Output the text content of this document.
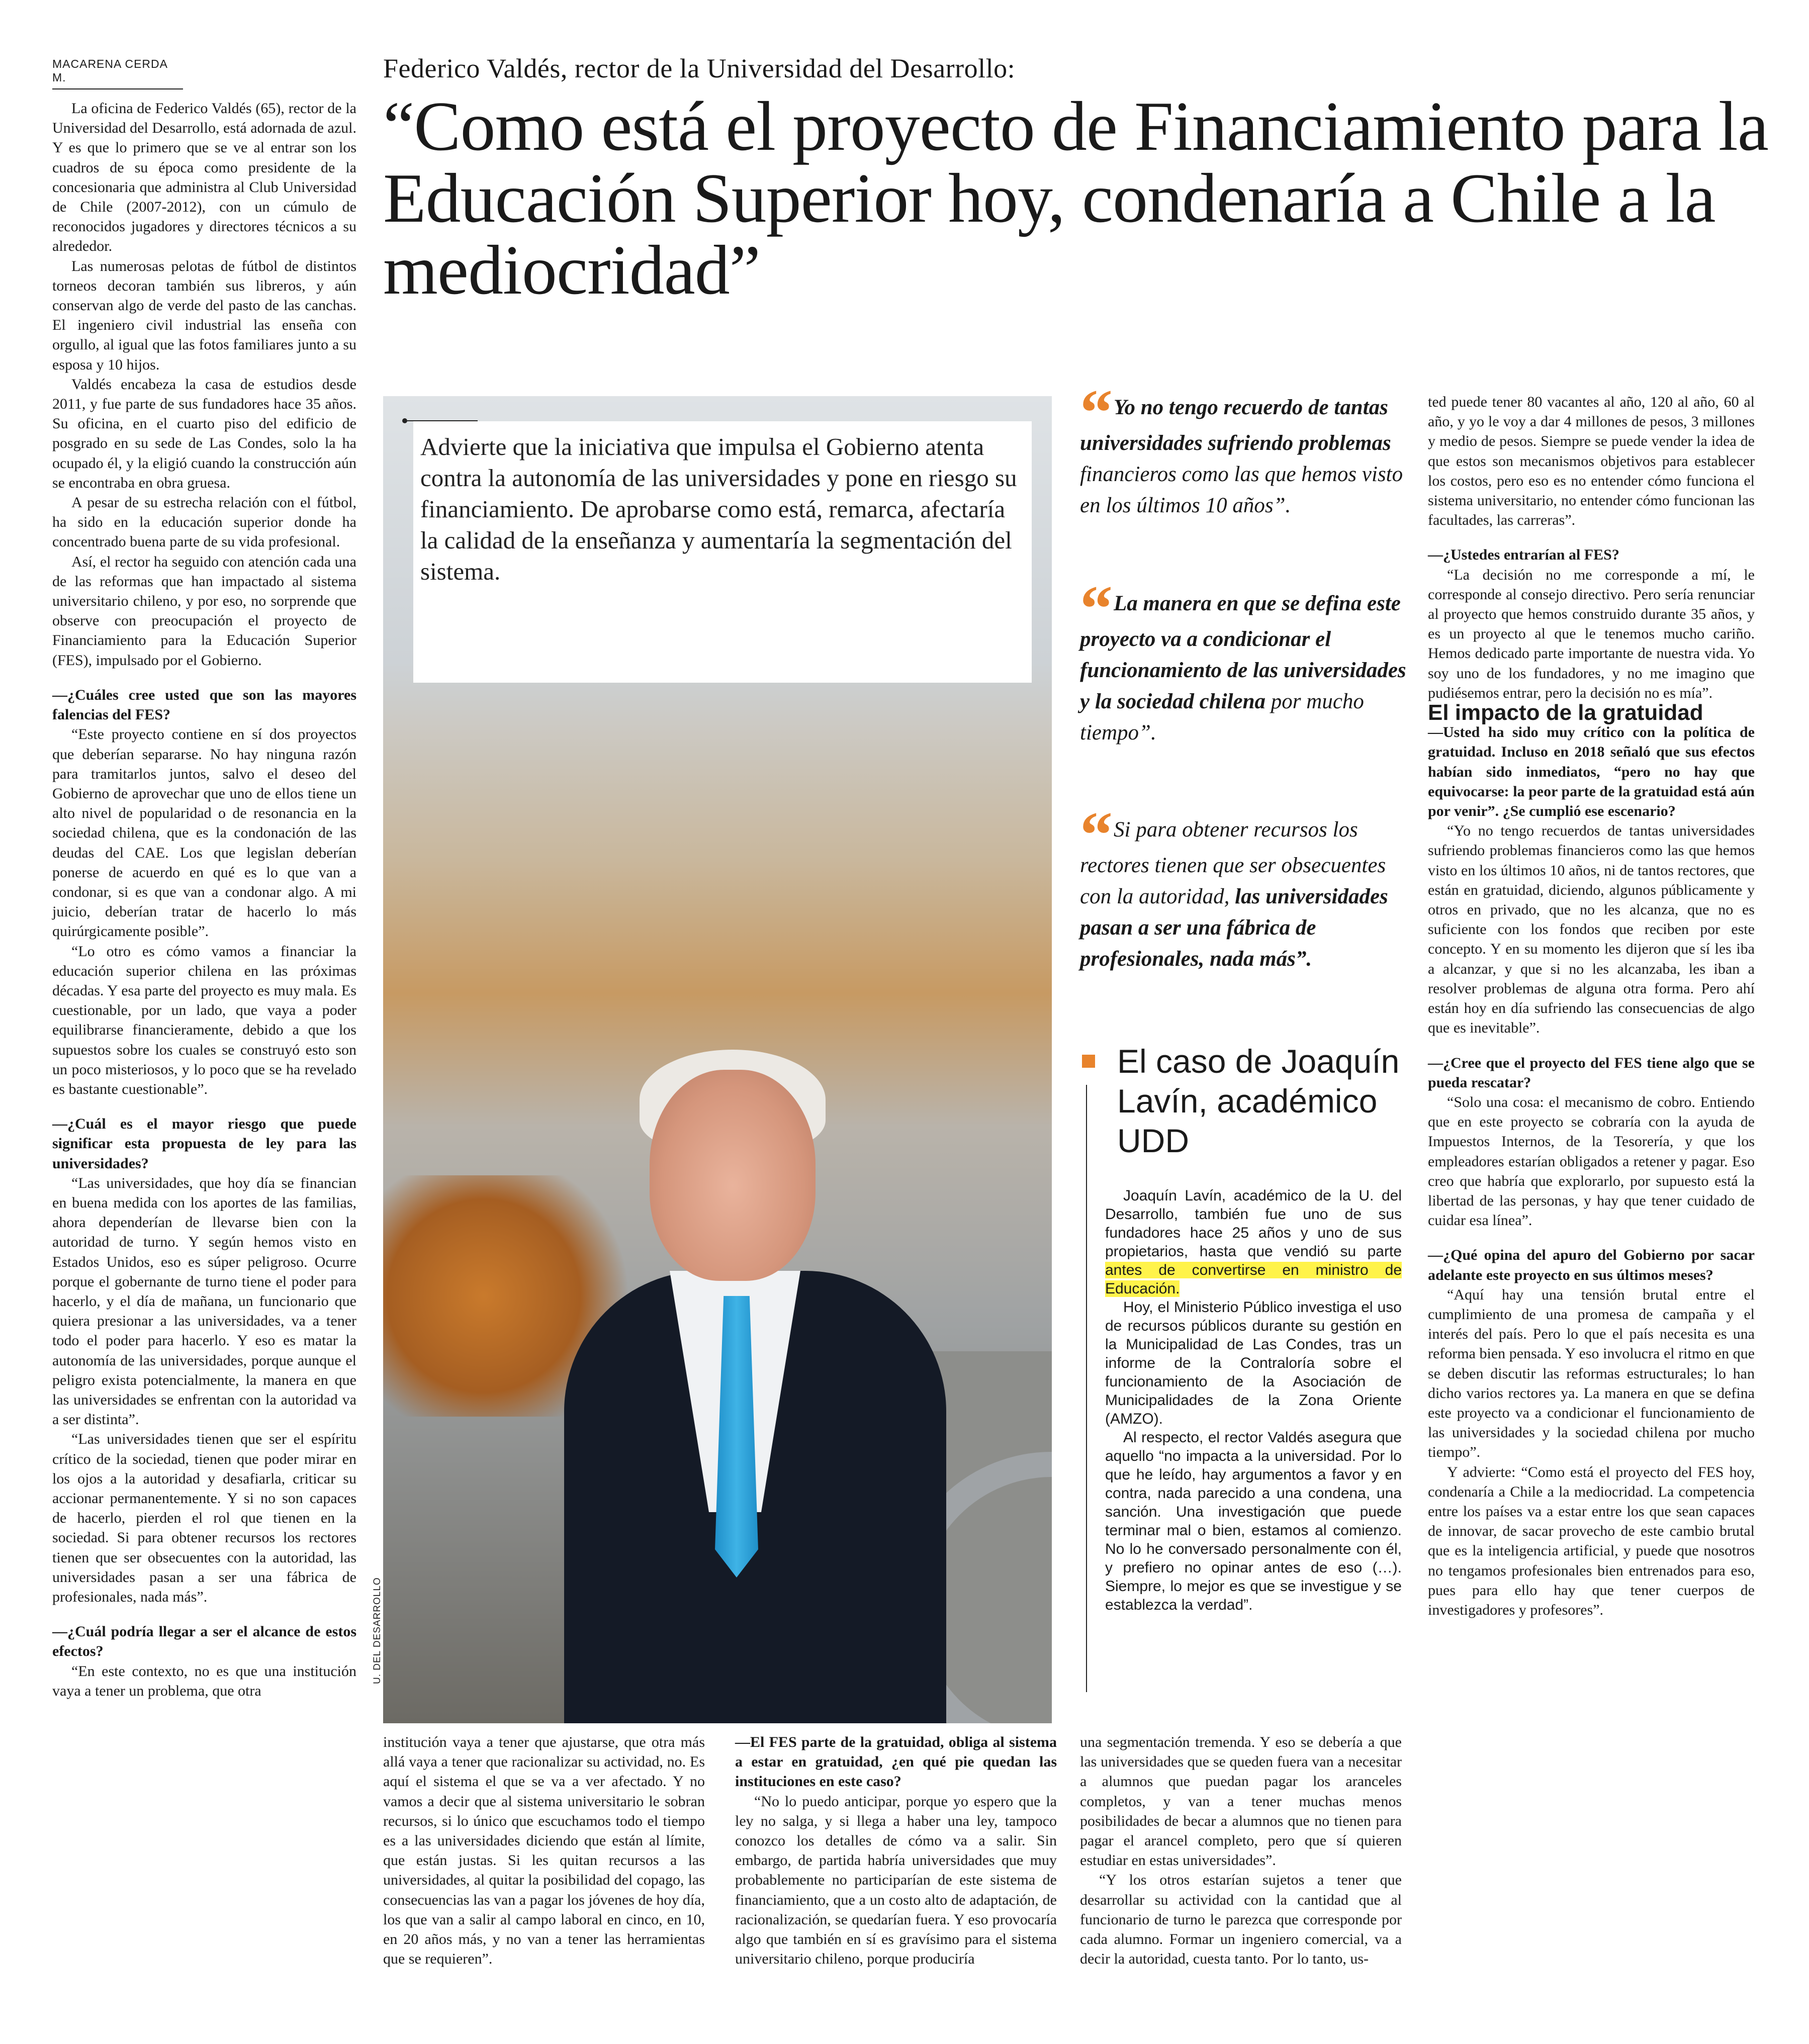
MACARENA CERDA M.	Federico Valdés, rector de la Universidad del Desarrollo:
“Como está el proyecto de Financiamiento para la Educación Superior hoy, condenaría a Chile a la mediocridad”

La oficina de Federico Valdés (65), rector de la Universidad del Desarrollo, está adornada de azul. Y es que lo primero que se ve al entrar son los cuadros de su época como presidente de la concesionaria que administra al Club Universidad de Chile (2007-2012), con un cúmulo de reconocidos jugadores y directores técnicos a su alrededor.

Las numerosas pelotas de fútbol de distintos torneos decoran también sus libreros, y aún conservan algo de verde del pasto de las canchas. El ingeniero civil industrial las enseña con orgullo, al igual que las fotos familiares junto a su esposa y 10 hijos.

Valdés encabeza la casa de estudios desde 2011, y fue parte de sus fundadores hace 35 años. Su oficina, en el cuarto piso del edificio de posgrado en su sede de Las Condes, solo la ha ocupado él, y la eligió cuando la construcción aún se encontraba en obra gruesa.

A pesar de su estrecha relación con el fútbol, ha sido en la educación superior donde ha concentrado buena parte de su vida profesional.

Así, el rector ha seguido con atención cada una de las reformas que han impactado al sistema universitario chileno, y por eso, no sorprende que observe con preocupación el proyecto de Financiamiento para la Educación Superior (FES), impulsado por el Gobierno.

—¿Cuáles cree usted que son las mayores falencias del FES?

“Este proyecto contiene en sí dos proyectos que deberían separarse. No hay ninguna razón para tramitarlos juntos, salvo el deseo del Gobierno de aprovechar que uno de ellos tiene un alto nivel de popularidad o de resonancia en la sociedad chilena, que es la condonación de las deudas del CAE. Los que legislan deberían ponerse de acuerdo en qué es lo que van a condonar, si es que van a condonar algo. A mi juicio, deberían tratar de hacerlo lo más quirúrgicamente posible”.

“Lo otro es cómo vamos a financiar la educación superior chilena en las próximas décadas. Y esa parte del proyecto es muy mala. Es cuestionable, por un lado, que vaya a poder equilibrarse financieramente, debido a que los supuestos sobre los cuales se construyó esto son un poco misteriosos, y lo poco que se ha revelado es bastante cuestionable”.

—¿Cuál es el mayor riesgo que puede significar esta propuesta de ley para las universidades?

“Las universidades, que hoy día se financian en buena medida con los aportes de las familias, ahora dependerían de llevarse bien con la autoridad de turno. Y según hemos visto en Estados Unidos, eso es súper peligroso. Ocurre porque el gobernante de turno tiene el poder para hacerlo, y el día de mañana, un funcionario que quiera presionar a las universidades, va a tener todo el poder para hacerlo. Y eso es matar la autonomía de las universidades, porque aunque el peligro exista potencialmente, la manera en que las universidades se enfrentan con la autoridad va a ser distinta”.

“Las universidades tienen que ser el espíritu crítico de la sociedad, tienen que poder mirar en los ojos a la autoridad y desafiarla, criticar su accionar permanentemente. Y si no son capaces de hacerlo, pierden el rol que tienen en la sociedad. Si para obtener recursos los rectores tienen que ser obsecuentes con la autoridad, las universidades pasan a ser una fábrica de profesionales, nada más”.

—¿Cuál podría llegar a ser el alcance de estos efectos?

“En este contexto, no es que una institución vaya a tener un problema, que otra

Advierte que la iniciativa que impulsa el Gobierno atenta contra la autonomía de las universidades y pone en riesgo su financiamiento. De aprobarse como está, remarca, afectaría la calidad de la enseñanza y aumentaría la segmentación del sistema.
U. DEL DESARROLLO
“ Yo no tengo recuerdo de tantas universidades sufriendo problemas financieros como las que hemos visto en los últimos 10 años”.
“ La manera en que se defina este proyecto va a condicionar el funcionamiento de las universidades y la sociedad chilena por mucho tiempo”.
“ Si para obtener recursos los rectores tienen que ser obsecuentes con la autoridad, las universidades pasan a ser una fábrica de profesionales, nada más”.
El caso de Joaquín Lavín, académico UDD

Joaquín Lavín, académico de la U. del Desarrollo, también fue uno de sus fundadores hace 25 años y uno de sus propietarios, hasta que vendió su parte antes de convertirse en ministro de Educación.

Hoy, el Ministerio Público investiga el uso de recursos públicos durante su gestión en la Municipalidad de Las Condes, tras un informe de la Contraloría sobre el funcionamiento de la Asociación de Municipalidades de la Zona Oriente (AMZO).

Al respecto, el rector Valdés asegura que aquello “no impacta a la universidad. Por lo que he leído, hay argumentos a favor y en contra, nada parecido a una condena, una sanción. Una investigación que puede terminar mal o bien, estamos al comienzo. No lo he conversado personalmente con él, y prefiero no opinar antes de eso (…). Siempre, lo mejor es que se investigue y se establezca la verdad”.

institución vaya a tener que ajustarse, que otra más allá vaya a tener que racionalizar su actividad, no. Es aquí el sistema el que se va a ver afectado. Y no vamos a decir que al sistema universitario le sobran recursos, si lo único que escuchamos todo el tiempo es a las universidades diciendo que están al límite, que están justas. Si les quitan recursos a las universidades, al quitar la posibilidad del copago, las consecuencias las van a pagar los jóvenes de hoy día, los que van a salir al campo laboral en cinco, en 10, en 20 años más, y no van a tener las herramientas que se requieren”.

—El FES parte de la gratuidad, obliga al sistema a estar en gratuidad, ¿en qué pie quedan las instituciones en este caso?

“No lo puedo anticipar, porque yo espero que la ley no salga, y si llega a haber una ley, tampoco conozco los detalles de cómo va a salir. Sin embargo, de partida habría universidades que muy probablemente no participarían de este sistema de financiamiento, que a un costo alto de adaptación, de racionalización, se quedarían fuera. Y eso provocaría algo que también en sí es gravísimo para el sistema universitario chileno, porque produciría

una segmentación tremenda. Y eso se debería a que las universidades que se queden fuera van a necesitar a alumnos que puedan pagar los aranceles completos, y van a tener muchas menos posibilidades de becar a alumnos que no tienen para pagar el arancel completo, pero que sí quieren estudiar en estas universidades”.

“Y los otros estarían sujetos a tener que desarrollar su actividad con la cantidad que al funcionario de turno le parezca que corresponde por cada alumno. Formar un ingeniero comercial, va a decir la autoridad, cuesta tanto. Por lo tanto, us-

ted puede tener 80 vacantes al año, 120 al año, 60 al año, y yo le voy a dar 4 millones de pesos, 3 millones y medio de pesos. Siempre se puede vender la idea de que estos son mecanismos objetivos para establecer los costos, pero eso es no entender cómo funciona el sistema universitario, no entender cómo funcionan las facultades, las carreras”.

—¿Ustedes entrarían al FES?

“La decisión no me corresponde a mí, le corresponde al consejo directivo. Pero sería renunciar al proyecto que hemos construido durante 35 años, y es un proyecto al que le tenemos mucho cariño. Hemos dedicado parte importante de nuestra vida. Yo soy uno de los fundadores, y no me imagino que pudiésemos entrar, pero la decisión no es mía”.

El impacto de la gratuidad

—Usted ha sido muy crítico con la política de gratuidad. Incluso en 2018 señaló que sus efectos habían sido inmediatos, “pero no hay que equivocarse: la peor parte de la gratuidad está aún por venir”. ¿Se cumplió ese escenario?

“Yo no tengo recuerdos de tantas universidades sufriendo problemas financieros como las que hemos visto en los últimos 10 años, ni de tantos rectores, que están en gratuidad, diciendo, algunos públicamente y otros en privado, que no les alcanza, que no es suficiente con los fondos que reciben por este concepto. Y en su momento les dijeron que sí les iba a alcanzar, y que si no les alcanzaba, les iban a resolver problemas de alguna otra forma. Pero ahí están hoy en día sufriendo las consecuencias de algo que es inevitable”.

—¿Cree que el proyecto del FES tiene algo que se pueda rescatar?

“Solo una cosa: el mecanismo de cobro. Entiendo que en este proyecto se cobraría con la ayuda de Impuestos Internos, de la Tesorería, y que los empleadores estarían obligados a retener y pagar. Eso creo que habría que explorarlo, por supuesto está la libertad de las personas, y hay que tener cuidado de cuidar esa línea”.

—¿Qué opina del apuro del Gobierno por sacar adelante este proyecto en sus últimos meses?

“Aquí hay una tensión brutal entre el cumplimiento de una promesa de campaña y el interés del país. Pero lo que el país necesita es una reforma bien pensada. Y eso involucra el ritmo en que se deben discutir las reformas estructurales; lo han dicho varios rectores ya. La manera en que se defina este proyecto va a condicionar el funcionamiento de las universidades y la sociedad chilena por mucho tiempo”.

Y advierte: “Como está el proyecto del FES hoy, condenaría a Chile a la mediocridad. La competencia entre los países va a estar entre los que sean capaces de innovar, de sacar provecho de este cambio brutal que es la inteligencia artificial, y puede que nosotros no tengamos profesionales bien entrenados para eso, pues para ello hay que tener cuerpos de investigadores y profesores”.
